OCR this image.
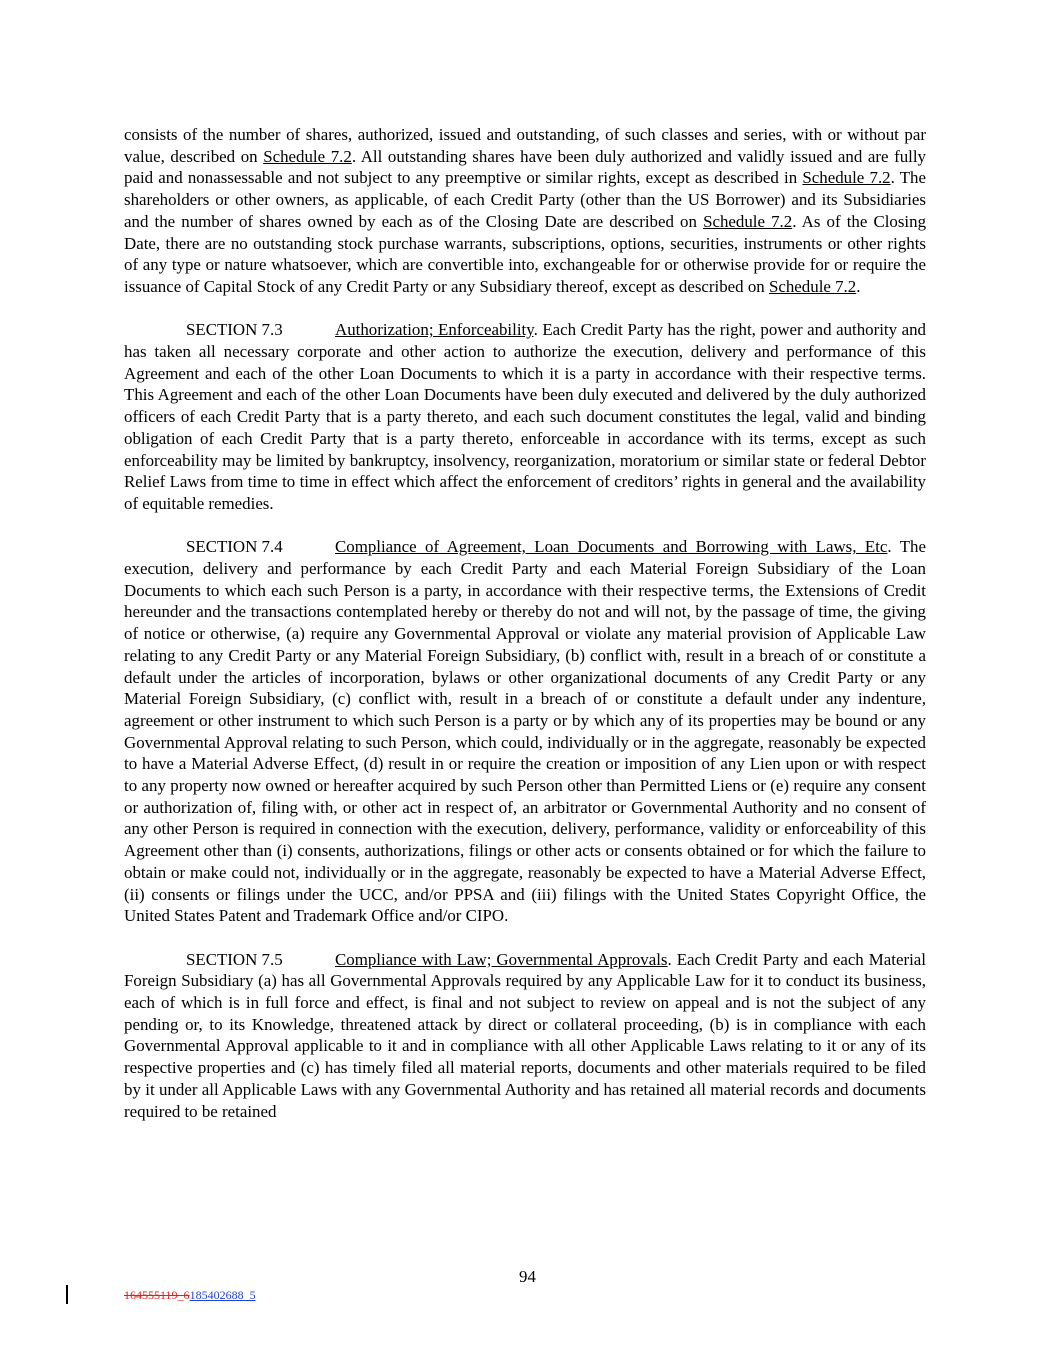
consists of the number of shares, authorized, issued and outstanding, of such classes and series, with or without par value, described on Schedule 7.2. All outstanding shares have been duly authorized and validly issued and are fully paid and nonassessable and not subject to any preemptive or similar rights, except as described in Schedule 7.2. The shareholders or other owners, as applicable, of each Credit Party (other than the US Borrower) and its Subsidiaries and the number of shares owned by each as of the Closing Date are described on Schedule 7.2. As of the Closing Date, there are no outstanding stock purchase warrants, subscriptions, options, securities, instruments or other rights of any type or nature whatsoever, which are convertible into, exchangeable for or otherwise provide for or require the issuance of Capital Stock of any Credit Party or any Subsidiary thereof, except as described on Schedule 7.2.

SECTION 7.3	Authorization; Enforceability. Each Credit Party has the right, power and authority and has taken all necessary corporate and other action to authorize the execution, delivery and performance of this Agreement and each of the other Loan Documents to which it is a party in accordance with their respective terms. This Agreement and each of the other Loan Documents have been duly executed and delivered by the duly authorized officers of each Credit Party that is a party thereto, and each such document constitutes the legal, valid and binding obligation of each Credit Party that is a party thereto, enforceable in accordance with its terms, except as such enforceability may be limited by bankruptcy, insolvency, reorganization, moratorium or similar state or federal Debtor Relief Laws from time to time in effect which affect the enforcement of creditors’ rights in general and the availability of equitable remedies.

SECTION 7.4	Compliance of Agreement, Loan Documents and Borrowing with Laws, Etc. The execution, delivery and performance by each Credit Party and each Material Foreign Subsidiary of the Loan Documents to which each such Person is a party, in accordance with their respective terms, the Extensions of Credit hereunder and the transactions contemplated hereby or thereby do not and will not, by the passage of time, the giving of notice or otherwise, (a) require any Governmental Approval or violate any material provision of Applicable Law relating to any Credit Party or any Material Foreign Subsidiary, (b) conflict with, result in a breach of or constitute a default under the articles of incorporation, bylaws or other organizational documents of any Credit Party or any Material Foreign Subsidiary, (c) conflict with, result in a breach of or constitute a default under any indenture, agreement or other instrument to which such Person is a party or by which any of its properties may be bound or any Governmental Approval relating to such Person, which could, individually or in the aggregate, reasonably be expected to have a Material Adverse Effect, (d) result in or require the creation or imposition of any Lien upon or with respect to any property now owned or hereafter acquired by such Person other than Permitted Liens or (e) require any consent or authorization of, filing with, or other act in respect of, an arbitrator or Governmental Authority and no consent of any other Person is required in connection with the execution, delivery, performance, validity or enforceability of this Agreement other than (i) consents, authorizations, filings or other acts or consents obtained or for which the failure to obtain or make could not, individually or in the aggregate, reasonably be expected to have a Material Adverse Effect, (ii) consents or filings under the UCC, and/or PPSA and (iii) filings with the United States Copyright Office, the United States Patent and Trademark Office and/or CIPO.

SECTION 7.5	Compliance with Law; Governmental Approvals. Each Credit Party and each Material Foreign Subsidiary (a) has all Governmental Approvals required by any Applicable Law for it to conduct its business, each of which is in full force and effect, is final and not subject to review on appeal and is not the subject of any pending or, to its Knowledge, threatened attack by direct or collateral proceeding, (b) is in compliance with each Governmental Approval applicable to it and in compliance with all other Applicable Laws relating to it or any of its respective properties and (c) has timely filed all material reports, documents and other materials required to be filed by it under all Applicable Laws with any Governmental Authority and has retained all material records and documents required to be retained

94
164555119_6185402688_5
